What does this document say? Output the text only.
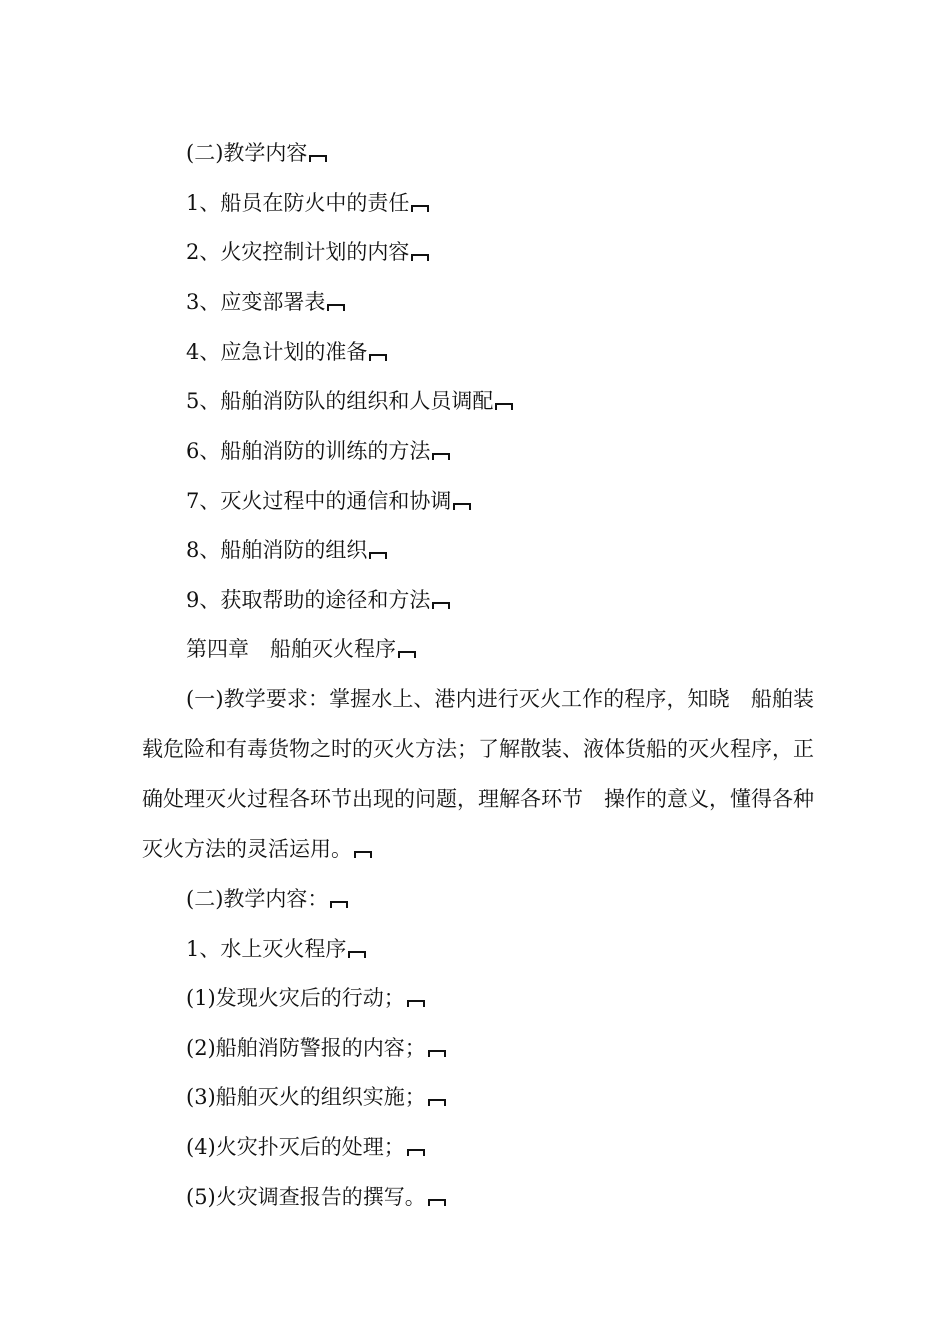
(二)教学内容
1、船员在防火中的责任
2、火灾控制计划的内容
3、应变部署表
4、应急计划的准备
5、船舶消防队的组织和人员调配
6、船舶消防的训练的方法
7、灭火过程中的通信和协调
8、船舶消防的组织
9、获取帮助的途径和方法
第四章　船舶灭火程序
(一)教学要求：掌握水上、港内进行灭火工作的程序，知晓　船舶装载危险和有毒货物之时的灭火方法；了解散装、液体货船的灭火程序，正确处理灭火过程各环节出现的问题，理解各环节　操作的意义，懂得各种灭火方法的灵活运用。
(二)教学内容：
1、水上灭火程序
(1)发现火灾后的行动；
(2)船舶消防警报的内容；
(3)船舶灭火的组织实施；
(4)火灾扑灭后的处理；
(5)火灾调查报告的撰写。
